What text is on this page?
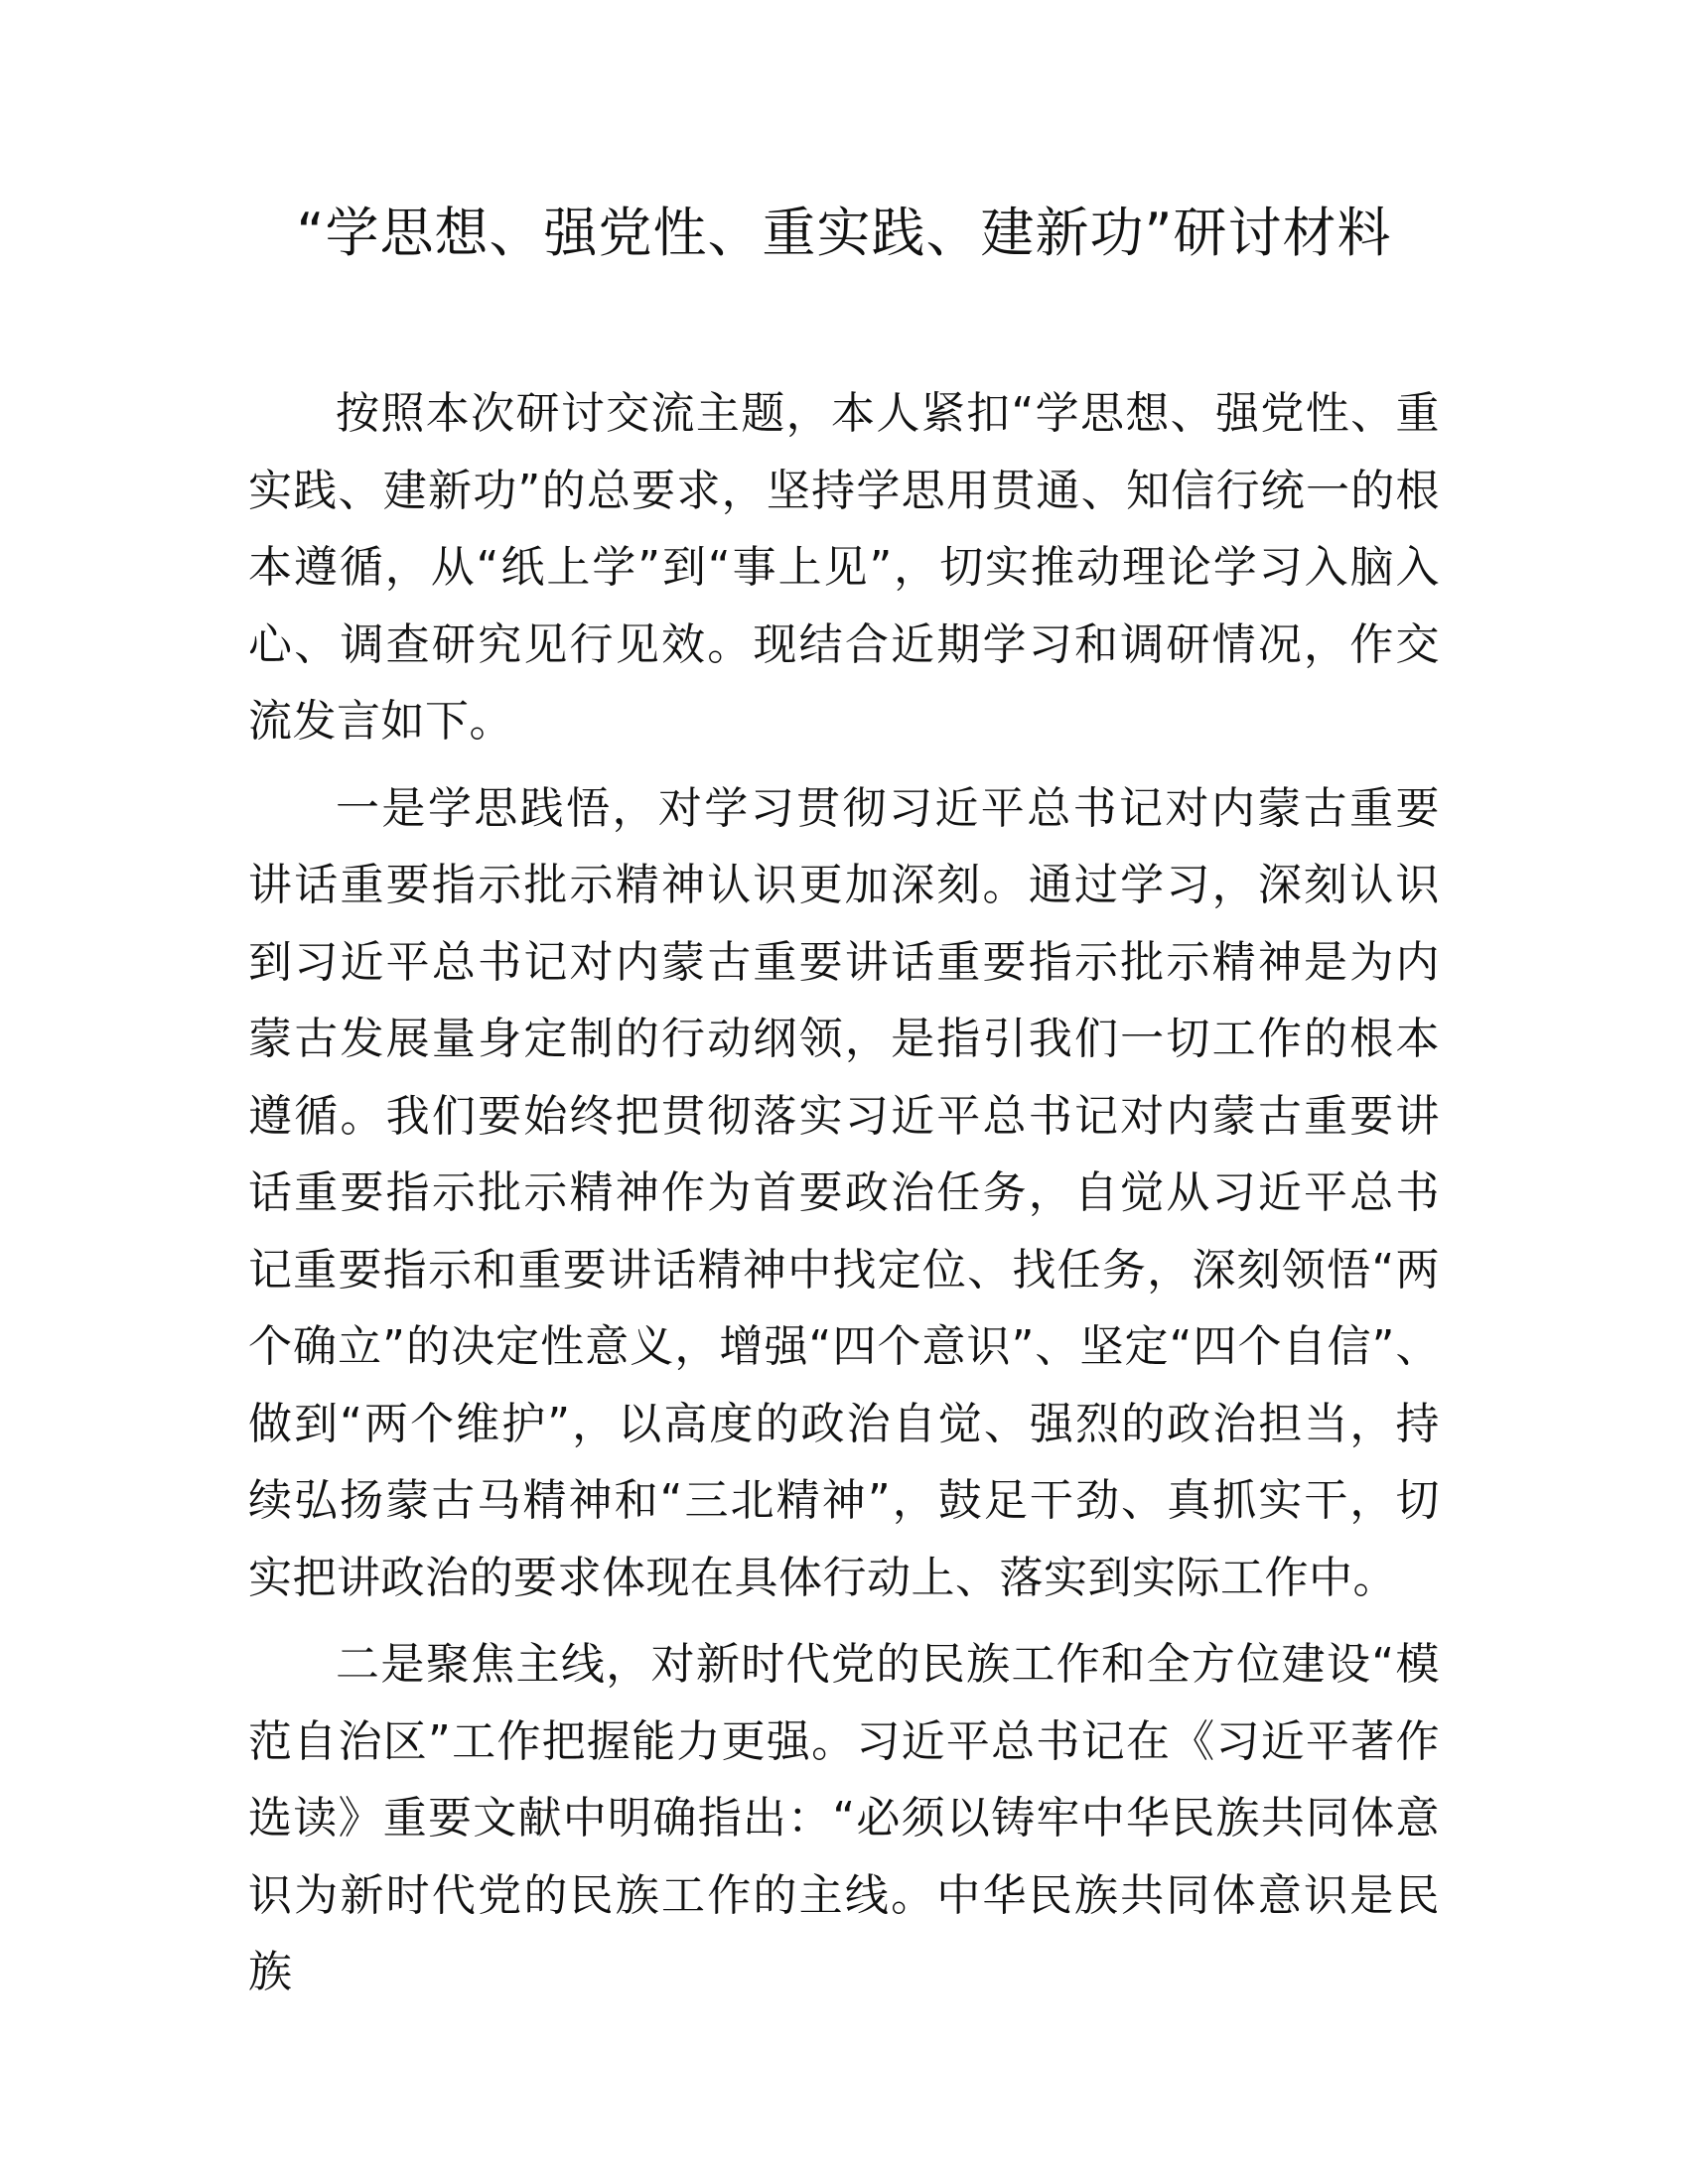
“学思想、强党性、重实践、建新功”研讨材料

按照本次研讨交流主题，本人紧扣“学思想、强党性、重实践、建新功”的总要求，坚持学思用贯通、知信行统一的根本遵循，从“纸上学”到“事上见”，切实推动理论学习入脑入心、调查研究见行见效。现结合近期学习和调研情况，作交流发言如下。

一是学思践悟，对学习贯彻习近平总书记对内蒙古重要讲话重要指示批示精神认识更加深刻。通过学习，深刻认识到习近平总书记对内蒙古重要讲话重要指示批示精神是为内蒙古发展量身定制的行动纲领，是指引我们一切工作的根本遵循。我们要始终把贯彻落实习近平总书记对内蒙古重要讲话重要指示批示精神作为首要政治任务，自觉从习近平总书记重要指示和重要讲话精神中找定位、找任务，深刻领悟“两个确立”的决定性意义，增强“四个意识”、坚定“四个自信”、做到“两个维护”，以高度的政治自觉、强烈的政治担当，持续弘扬蒙古马精神和“三北精神”，鼓足干劲、真抓实干，切实把讲政治的要求体现在具体行动上、落实到实际工作中。

二是聚焦主线，对新时代党的民族工作和全方位建设“模范自治区”工作把握能力更强。习近平总书记在《习近平著作选读》重要文献中明确指出：“必须以铸牢中华民族共同体意识为新时代党的民族工作的主线。中华民族共同体意识是民族
